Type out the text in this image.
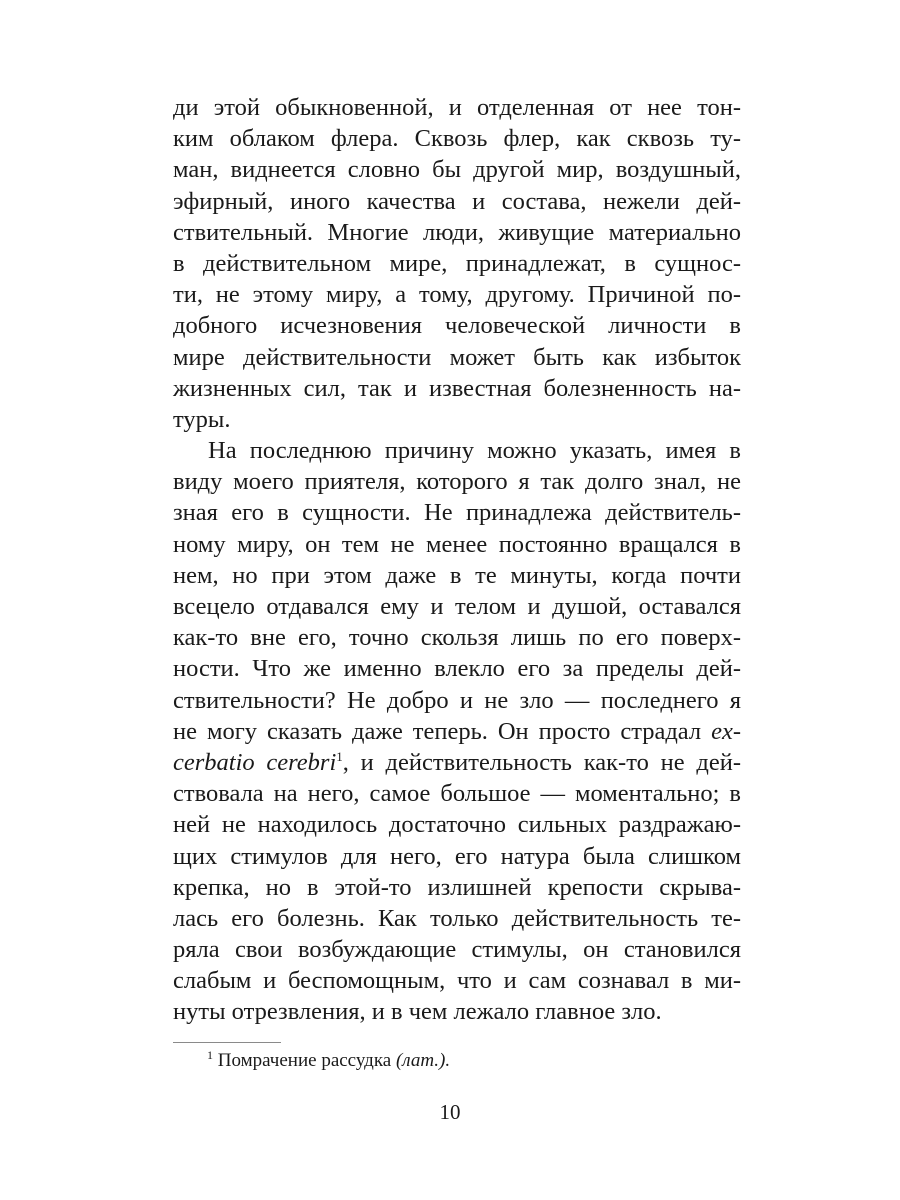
ди этой обыкновенной, и отделенная от нее тон-
ким облаком флера. Сквозь флер, как сквозь ту-
ман, виднеется словно бы другой мир, воздушный,
эфирный, иного качества и состава, нежели дей-
ствительный. Многие люди, живущие материально
в действительном мире, принадлежат, в сущнос-
ти, не этому миру, а тому, другому. Причиной по-
добного исчезновения человеческой личности в
мире действительности может быть как избыток
жизненных сил, так и известная болезненность на-
туры.
На последнюю причину можно указать, имея в
виду моего приятеля, которого я так долго знал, не
зная его в сущности. Не принадлежа действитель-
ному миру, он тем не менее постоянно вращался в
нем, но при этом даже в те минуты, когда почти
всецело отдавался ему и телом и душой, оставался
как-то вне его, точно скользя лишь по его поверх-
ности. Что же именно влекло его за пределы дей-
ствительности? Не добро и не зло — последнего я
не могу сказать даже теперь. Он просто страдал ex-
cerbatio cerebri$^1$, и действительность как-то не дей-
ствовала на него, самое большое — моментально; в
ней не находилось достаточно сильных раздражаю-
щих стимулов для него, его натура была слишком
крепка, но в этой-то излишней крепости скрыва-
лась его болезнь. Как только действительность те-
ряла свои возбуждающие стимулы, он становился
слабым и беспомощным, что и сам сознавал в ми-
нуты отрезвления, и в чем лежало главное зло.
$^1$ Помрачение рассудка (лат.).
10
